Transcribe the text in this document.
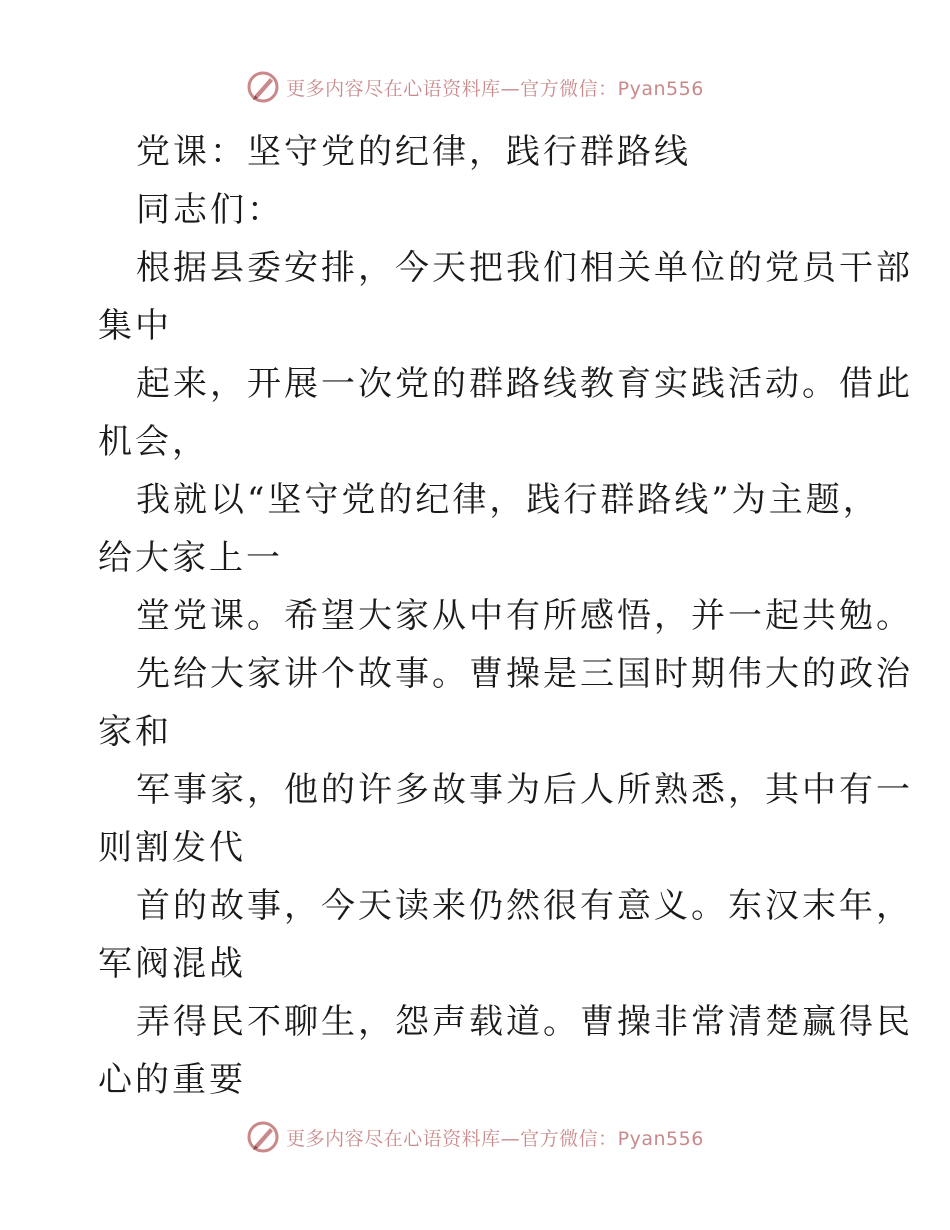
更多内容尽在心语资料库—官方微信：Pyan556
党课：坚守党的纪律，践行群路线
同志们：
根据县委安排，今天把我们相关单位的党员干部
集中
起来，开展一次党的群路线教育实践活动。借此
机会，
我就以“坚守党的纪律，践行群路线”为主题，
给大家上一
堂党课。希望大家从中有所感悟，并一起共勉。
先给大家讲个故事。曹操是三国时期伟大的政治
家和
军事家，他的许多故事为后人所熟悉，其中有一
则割发代
首的故事，今天读来仍然很有意义。东汉末年，
军阀混战
弄得民不聊生，怨声载道。曹操非常清楚赢得民
心的重要
更多内容尽在心语资料库—官方微信：Pyan556
